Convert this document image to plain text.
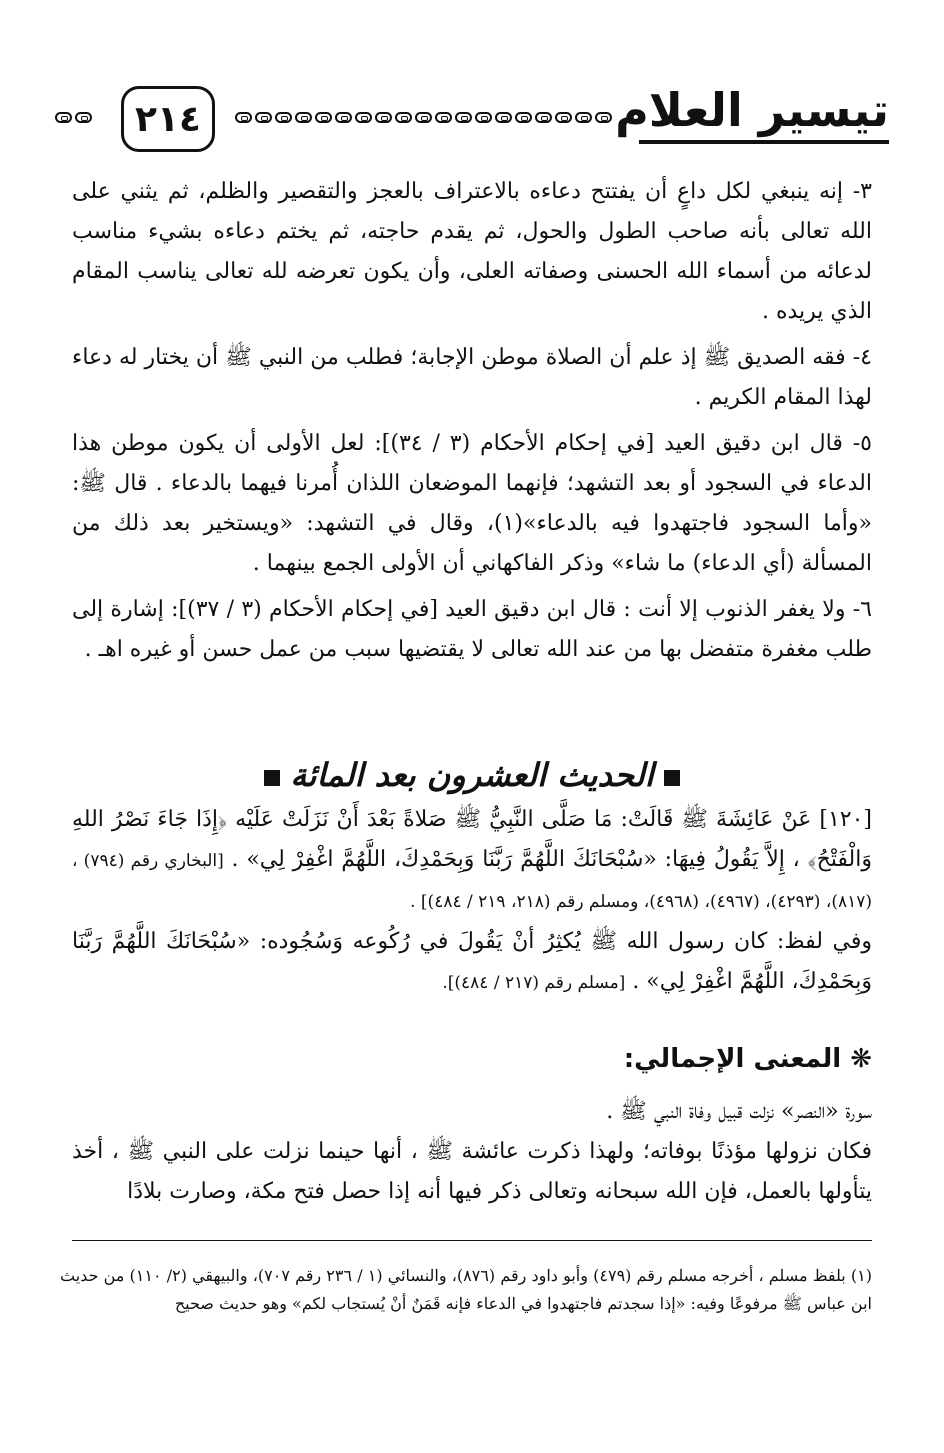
تيسير العلام
٢١٤

٣- إنه ينبغي لكل داعٍ أن يفتتح دعاءه بالاعتراف بالعجز والتقصير والظلم، ثم يثني على الله تعالى بأنه صاحب الطول والحول، ثم يقدم حاجته، ثم يختم دعاءه بشيء مناسب لدعائه من أسماء الله الحسنى وصفاته العلى، وأن يكون تعرضه لله تعالى يناسب المقام الذي يريده .

٤- فقه الصديق ﷺ إذ علم أن الصلاة موطن الإجابة؛ فطلب من النبي ﷺ أن يختار له دعاء لهذا المقام الكريم .

٥- قال ابن دقيق العيد [في إحكام الأحكام (٣ / ٣٤)]: لعل الأولى أن يكون موطن هذا الدعاء في السجود أو بعد التشهد؛ فإنهما الموضعان اللذان أُمرنا فيهما بالدعاء . قال ﷺ: «وأما السجود فاجتهدوا فيه بالدعاء»(١)، وقال في التشهد: «ويستخير بعد ذلك من المسألة (أي الدعاء) ما شاء» وذكر الفاكهاني أن الأولى الجمع بينهما .

٦- ولا يغفر الذنوب إلا أنت : قال ابن دقيق العيد [في إحكام الأحكام (٣ / ٣٧)]: إشارة إلى طلب مغفرة متفضل بها من عند الله تعالى لا يقتضيها سبب من عمل حسن أو غيره اهـ .

الحديث العشرون بعد المائة
[١٢٠] عَنْ عَائِشَةَ ﷺ قَالَتْ: مَا صَلَّى النَّبِيُّ ﷺ صَلاةً بَعْدَ أَنْ نَزَلَتْ عَلَيْه ﴿إِذَا جَاءَ نَصْرُ اللهِ وَالْفَتْحُ﴾ ، إِلاَّ يَقُولُ فِيهَا: «سُبْحَانَكَ اللَّهُمَّ رَبَّنَا وَبِحَمْدِكَ، اللَّهُمَّ اغْفِرْ لِي» . [البخاري رقم (٧٩٤) ، (٨١٧)، (٤٢٩٣)، (٤٩٦٧)، (٤٩٦٨)، ومسلم رقم (٢١٨، ٢١٩ / ٤٨٤)] .
وفي لفظ: كان رسول الله ﷺ يُكثِرُ أنْ يَقُولَ في رُكُوعه وَسُجُوده: «سُبْحَانَكَ اللَّهُمَّ رَبَّنَا وَبِحَمْدِكَ، اللَّهُمَّ اغْفِرْ لِي» . [مسلم رقم (٢١٧ / ٤٨٤)].
❋ المعنى الإجمالي:

سورة «النصر» نزلت قبيل وفاة النبي ﷺ .

فكان نزولها مؤذنًا بوفاته؛ ولهذا ذكرت عائشة ﷺ ، أنها حينما نزلت على النبي ﷺ ، أخذ يتأولها بالعمل، فإن الله سبحانه وتعالى ذكر فيها أنه إذا حصل فتح مكة، وصارت بلادًا

(١) بلفظ مسلم ، أخرجه مسلم رقم (٤٧٩) وأبو داود رقم (٨٧٦)، والنسائي (١ / ٢٣٦ رقم ٧٠٧)، والبيهقي (٢/ ١١٠) من حديث ابن عباس ﷺ مرفوعًا وفيه: «إذا سجدتم فاجتهدوا في الدعاء فإنه قَمَنٌ أنْ يُستجاب لكم» وهو حديث صحيح
